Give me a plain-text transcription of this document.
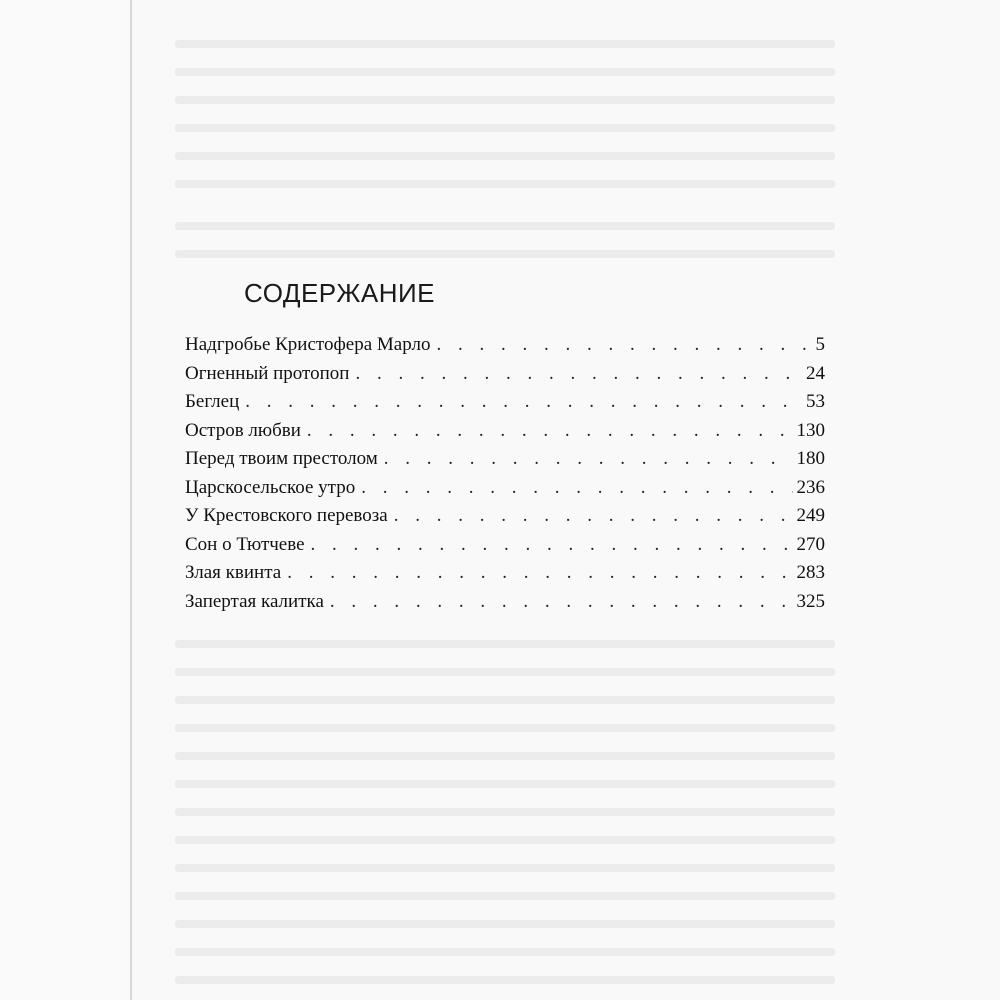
СОДЕРЖАНИЕ
Надгробье Кристофера Марло . . .	5
Огненный протопоп . . .	24
Беглец . . .	53
Остров любви . . .	130
Перед твоим престолом . . .	180
Царскосельское утро . . .	236
У Крестовского перевоза . . .	249
Сон о Тютчеве . . .	270
Злая квинта . . .	283
Запертая калитка . . .	325
